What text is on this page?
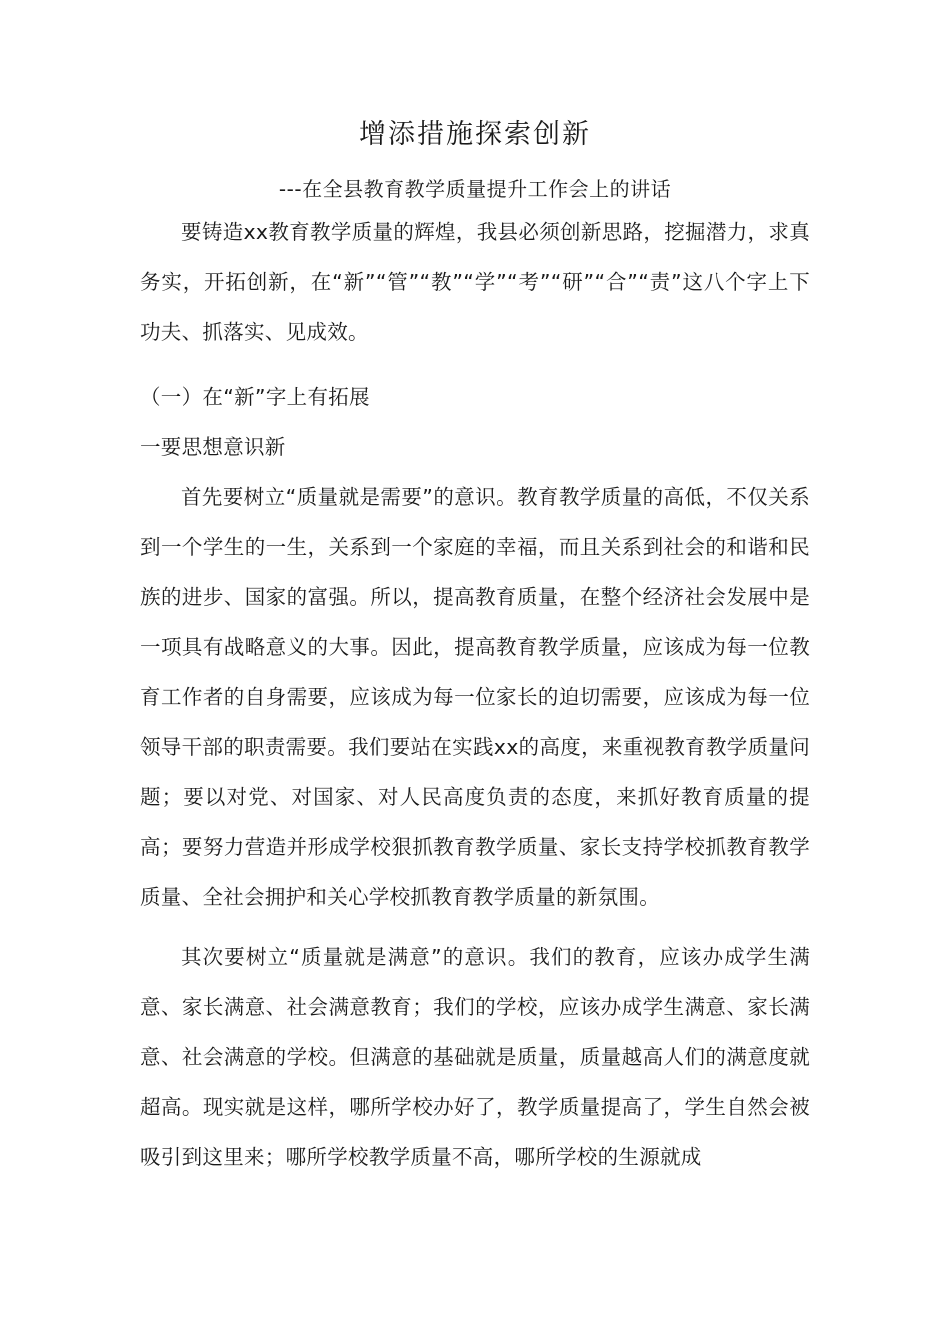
增添措施探索创新
---在全县教育教学质量提升工作会上的讲话

要铸造xx教育教学质量的辉煌，我县必须创新思路，挖掘潜力，求真务实，开拓创新，在“新”“管”“教”“学”“考”“研”“合”“责”这八个字上下功夫、抓落实、见成效。

（一）在“新”字上有拓展

一要思想意识新

首先要树立“质量就是需要”的意识。教育教学质量的高低，不仅关系到一个学生的一生，关系到一个家庭的幸福，而且关系到社会的和谐和民族的进步、国家的富强。所以，提高教育质量，在整个经济社会发展中是一项具有战略意义的大事。因此，提高教育教学质量，应该成为每一位教育工作者的自身需要，应该成为每一位家长的迫切需要，应该成为每一位领导干部的职责需要。我们要站在实践xx的高度，来重视教育教学质量问题；要以对党、对国家、对人民高度负责的态度，来抓好教育质量的提高；要努力营造并形成学校狠抓教育教学质量、家长支持学校抓教育教学质量、全社会拥护和关心学校抓教育教学质量的新氛围。

其次要树立“质量就是满意”的意识。我们的教育，应该办成学生满意、家长满意、社会满意教育；我们的学校，应该办成学生满意、家长满意、社会满意的学校。但满意的基础就是质量，质量越高人们的满意度就超高。现实就是这样，哪所学校办好了，教学质量提高了，学生自然会被吸引到这里来；哪所学校教学质量不高，哪所学校的生源就成
